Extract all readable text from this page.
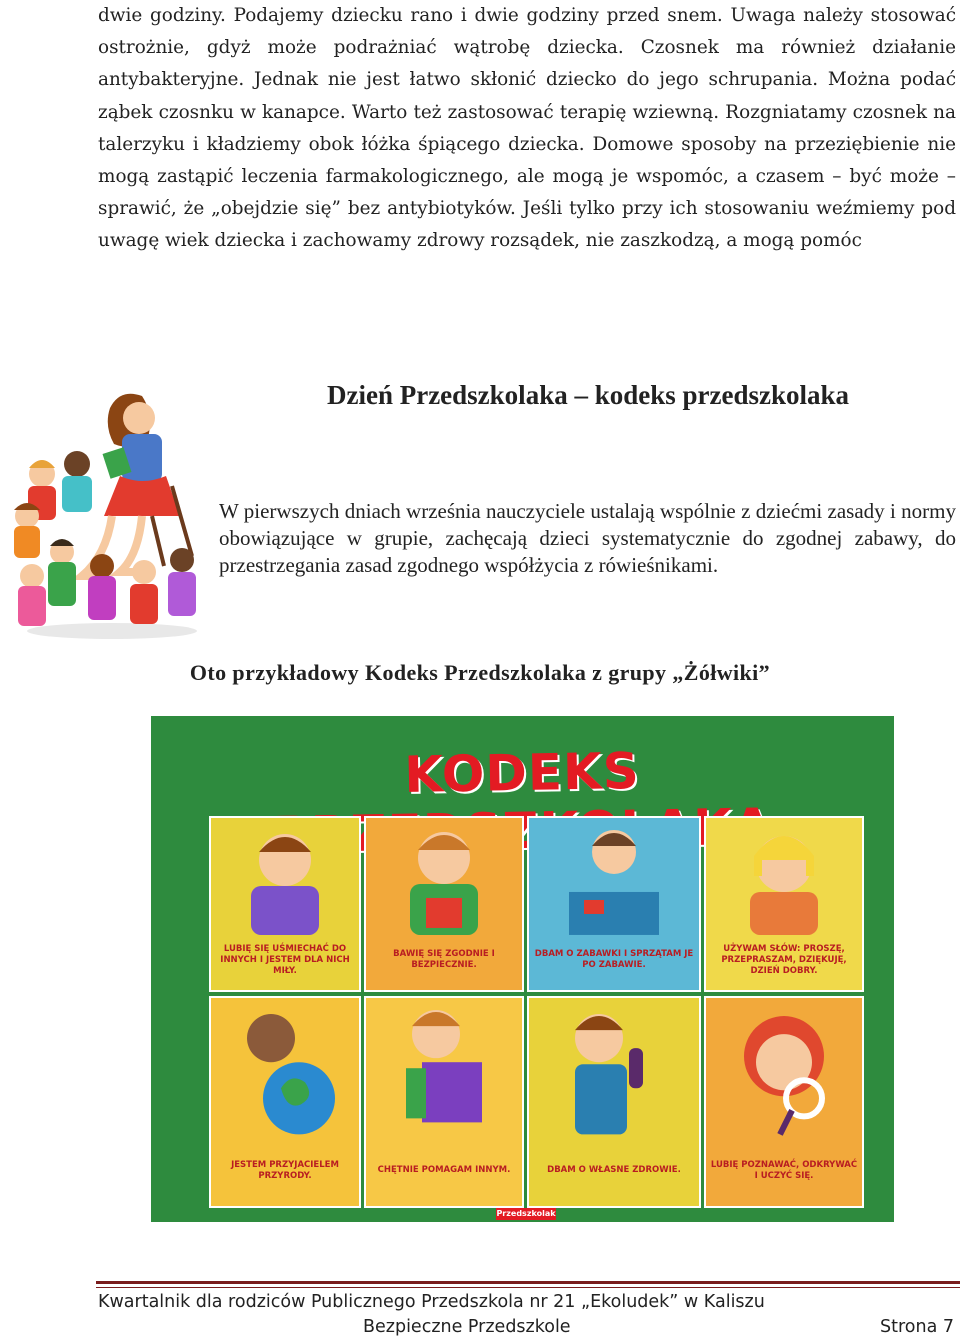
dwie godziny. Podajemy dziecku rano i dwie godziny przed snem. Uwaga należy stosować ostrożnie, gdyż może podrażniać wątrobę dziecka. Czosnek ma również działanie antybakteryjne. Jednak nie jest łatwo skłonić dziecko do jego schrupania. Można podać ząbek czosnku w kanapce. Warto też zastosować terapię wziewną. Rozgniatamy czosnek na talerzyku i kładziemy obok łóżka śpiącego dziecka. Domowe sposoby na przeziębienie nie mogą zastąpić leczenia farmakologicznego, ale mogą je wspomóc, a czasem – być może – sprawić, że „obejdzie się” bez antybiotyków. Jeśli tylko przy ich stosowaniu weźmiemy pod uwagę wiek dziecka i zachowamy zdrowy rozsądek, nie zaszkodzą, a mogą pomóc

Dzień Przedszkolaka – kodeks przedszkolaka

W pierwszych dniach września nauczyciele ustalają wspólnie z dziećmi zasady i normy obowiązujące w grupie, zachęcają dzieci systematycznie do zgodnej zabawy, do przestrzegania zasad zgodnego współżycia z rówieśnikami.

Oto przykładowy Kodeks Przedszkolaka z grupy „Żółwiki”
KODEKS
LUBIĘ SIĘ UŚMIECHAĆ DO INNYCH I JESTEM DLA NICH MIŁY.
BAWIĘ SIĘ ZGODNIE I BEZPIECZNIE.
DBAM O ZABAWKI I SPRZĄTAM JE PO ZABAWIE.
UŻYWAM SŁÓW: PROSZĘ, PRZEPRASZAM, DZIĘKUJĘ, DZIEŃ DOBRY.
JESTEM PRZYJACIELEM PRZYRODY.
CHĘTNIE POMAGAM INNYM.	DBAM O WŁASNE ZDROWIE.
LUBIĘ POZNAWAĆ, ODKRYWAĆ I UCZYĆ SIĘ.
Przedszkolak

Kwartalnik dla rodziców Publicznego Przedszkola nr 21 „Ekoludek” w Kaliszu

Bezpieczne Przedszkole	Strona 7
